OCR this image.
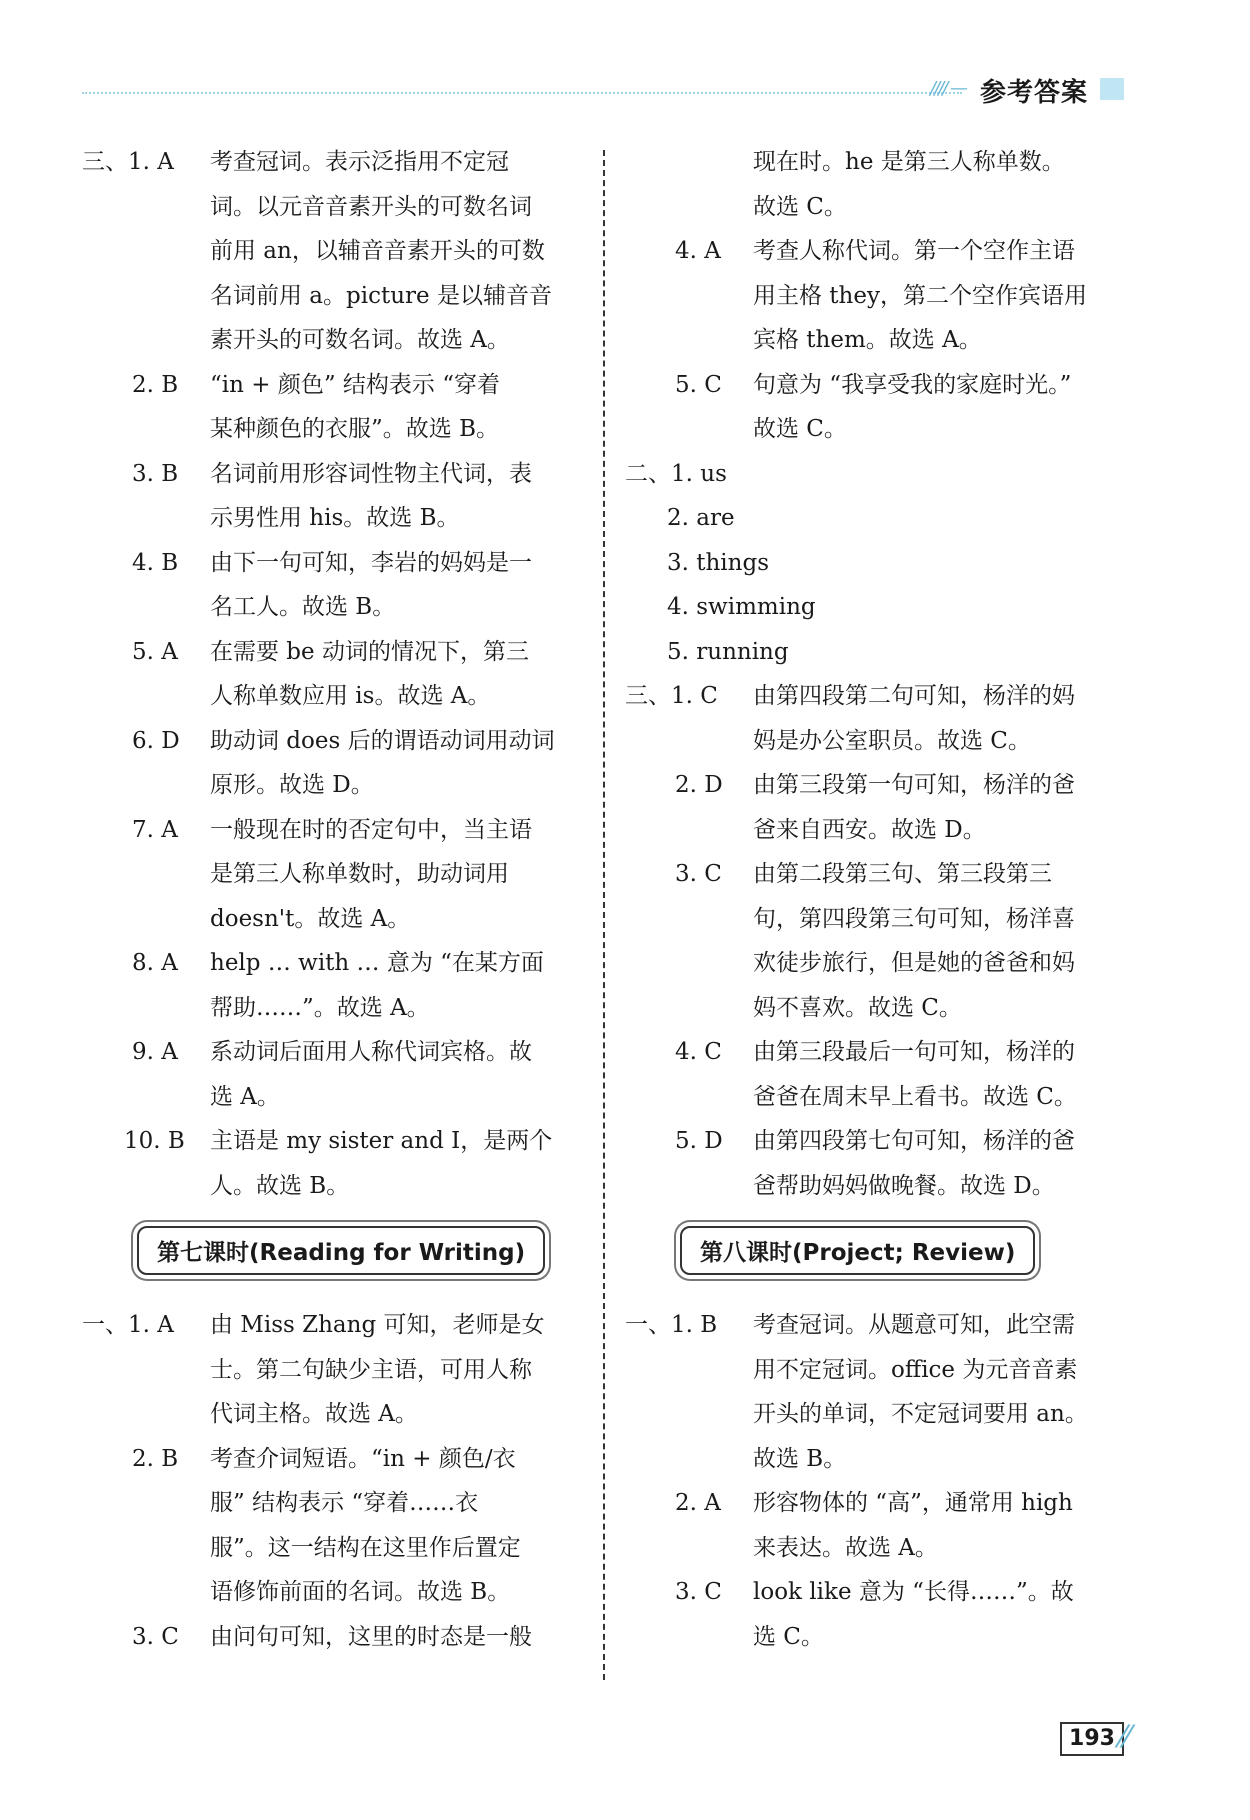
//// — 参考答案
三、1. A 考查冠词。表示泛指用不定冠
词。以元音音素开头的可数名词
前用 an，以辅音音素开头的可数
名词前用 a。picture 是以辅音音
素开头的可数名词。故选 A。
2. B “in + 颜色” 结构表示 “穿着
某种颜色的衣服”。故选 B。
3. B 名词前用形容词性物主代词，表
示男性用 his。故选 B。
4. B 由下一句可知，李岩的妈妈是一
名工人。故选 B。
5. A 在需要 be 动词的情况下，第三
人称单数应用 is。故选 A。
6. D 助动词 does 后的谓语动词用动词
原形。故选 D。
7. A 一般现在时的否定句中，当主语
是第三人称单数时，助动词用
doesn't。故选 A。
8. A help … with … 意为 “在某方面
帮助……”。故选 A。
9. A 系动词后面用人称代词宾格。故
选 A。
10. B 主语是 my sister and I，是两个
人。故选 B。
第七课时(Reading for Writing)
一、1. A 由 Miss Zhang 可知，老师是女
士。第二句缺少主语，可用人称
代词主格。故选 A。
2. B 考查介词短语。“in + 颜色/衣
服” 结构表示 “穿着……衣
服”。这一结构在这里作后置定
语修饰前面的名词。故选 B。
3. C 由问句可知，这里的时态是一般
现在时。he 是第三人称单数。
故选 C。
4. A 考查人称代词。第一个空作主语
用主格 they，第二个空作宾语用
宾格 them。故选 A。
5. C 句意为 “我享受我的家庭时光。”
故选 C。
二、1. us
2. are
3. things
4. swimming
5. running
三、1. C 由第四段第二句可知，杨洋的妈
妈是办公室职员。故选 C。
2. D 由第三段第一句可知，杨洋的爸
爸来自西安。故选 D。
3. C 由第二段第三句、第三段第三
句，第四段第三句可知，杨洋喜
欢徒步旅行，但是她的爸爸和妈
妈不喜欢。故选 C。
4. C 由第三段最后一句可知，杨洋的
爸爸在周末早上看书。故选 C。
5. D 由第四段第七句可知，杨洋的爸
爸帮助妈妈做晚餐。故选 D。
第八课时(Project; Review)
一、1. B 考查冠词。从题意可知，此空需
用不定冠词。office 为元音音素
开头的单词，不定冠词要用 an。
故选 B。
2. A 形容物体的 “高”，通常用 high
来表达。故选 A。
3. C look like 意为 “长得……”。故
选 C。
193 ⁄⁄
